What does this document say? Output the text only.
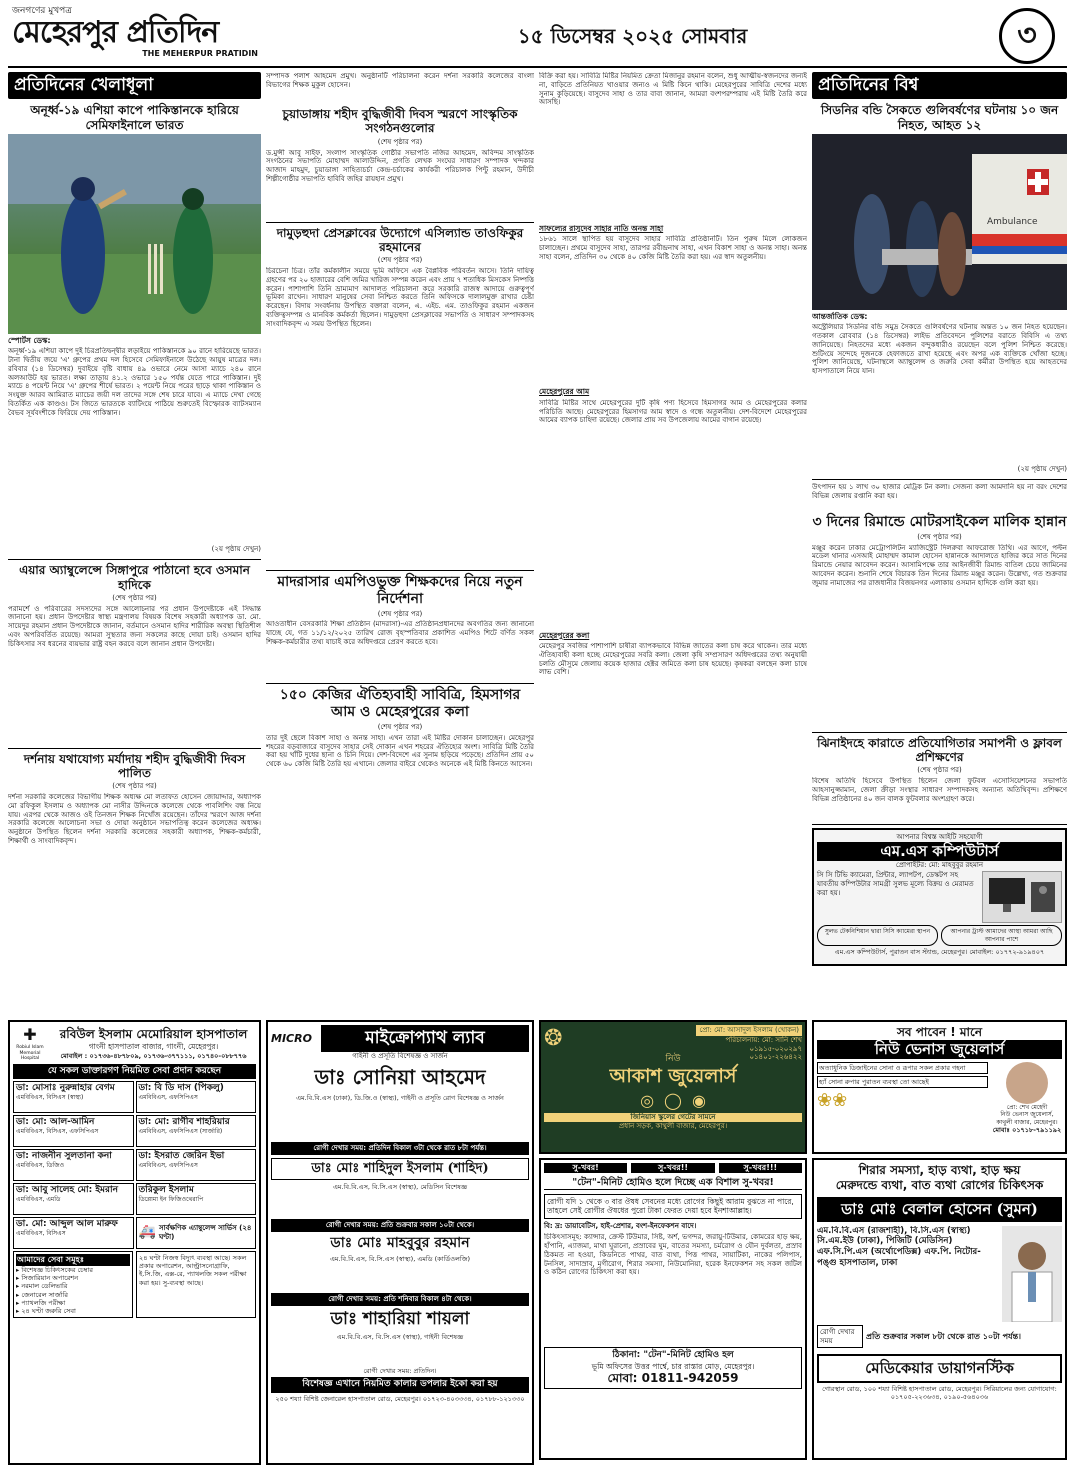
জনগণের মুখপত্র
মেহেরপুর প্রতিদিন
THE MEHERPUR PRATIDIN
১৫ ডিসেম্বর ২০২৫ সোমবার	৩
প্রতিদিনের খেলাধূলা
অনূর্ধ্ব-১৯ এশিয়া কাপে পাকিস্তানকে হারিয়ে সেমিফাইনালে ভারত
স্পোর্টস ডেস্ক:
অনূর্ধ্ব-১৯ এশিয়া কাপে দুই চিরপ্রতিদ্বন্দ্বীর লড়াইয়ে পাকিস্তানকে ৯০ রানে হারিয়েছে ভারত। টানা দ্বিতীয় জয়ে 'এ' গ্রুপের প্রথম দল হিসেবে সেমিফাইনালে উঠেছে আয়ুষ মাত্রের দল। রবিবার (১৪ ডিসেম্বর) দুবাইয়ে বৃষ্টি বাধায় ৪৯ ওভারে নেমে আসা ম্যাচে ২৪০ রানে অলআউট হয় ভারত। লক্ষ্য তাড়ায় ৪১.২ ওভারে ১৫০ পর্যন্ত যেতে পারে পাকিস্তান। দুই ম্যাচে ৪ পয়েন্ট নিয়ে 'এ' গ্রুপের শীর্ষে ভারত। ২ পয়েন্ট নিয়ে পরের ছাড়ে থাকা পাকিস্তান ও সংযুক্ত আরব আমিরাত ম্যাচের জয়ী দল তাদের সঙ্গে শেষ চারে যাবে। এ ম্যাচে দেখা গেছে বিতর্কিত এক কাণ্ডও। টস জিতে ভারতকে ব্যাটিংয়ে পাঠিয়ে শুরুতেই বিস্ফোরক ব্যাটসম্যান বৈভব সূর্যবংশীকে ফিরিয়ে দেয় পাকিস্তান।
(২য় পৃষ্ঠায় দেখুন)
এয়ার অ্যাম্বুলেন্সে সিঙ্গাপুরে পাঠানো হবে ওসমান হাদিকে
(শেষ পৃষ্ঠার পর)
পরামর্শে ও পরিবারের সদস্যদের সঙ্গে আলোচনার পর প্রধান উপদেষ্টাকে এই সিদ্ধান্ত জানানো হয়। প্রধান উপদেষ্টার স্বাস্থ্য মন্ত্রণালয় বিষয়ক বিশেষ সহকারী অধ্যাপক ডা. মো. সায়েদুর রহমান প্রধান উপদেষ্টাকে জানান, বর্তমানে ওসমান হাদির শারীরিক অবস্থা স্থিতিশীল এবং অপরিবর্তিত রয়েছে। আমরা সুস্থতার জন্য সকলের কাছে দোয়া চাই। ওসমান হাদির চিকিৎসার সব ধরনের ব্যয়ভার রাষ্ট্র বহন করবে বলে জানান প্রধান উপদেষ্টা।
দর্শনায় যথাযোগ্য মর্যাদায় শহীদ বুদ্ধিজীবী দিবস পালিত
(শেষ পৃষ্ঠার পর)
দর্শনা সরকারি কলেজের বিভাগীয় শিক্ষক অধ্যক্ষ মো লতাফত হোসেন জোয়াদ্দার, অধ্যাপক মো রফিকুল ইসলাম ও অধ্যাপক মো নাসীর উদ্দিনকে কলেজে থেকে পাবলিশিং বন্ধ নিয়ে যায়। এরপর থেকে আজও ওই তিনজন শিক্ষক নিখোঁজ রয়েছেন। তাঁদের স্মরণে আজ দর্শনা সরকারি কলেজে আলোচনা সভা ও দোয়া অনুষ্ঠানে সভাপতিত্ব করেন কলেজের অধ্যক্ষ। অনুষ্ঠানে উপস্থিত ছিলেন দর্শনা সরকারি কলেজের সহকারী অধ্যাপক, শিক্ষক-কর্মচারী, শিক্ষার্থী ও সাংবাদিকবৃন্দ।
সম্পাদক পলাশ আহমেদ প্রমুখ। অনুষ্ঠানটি পরিচালনা করেন দর্শনা সরকারি কলেজের বাংলা বিভাগের শিক্ষক মুকুল হোসেন।
চুয়াডাঙ্গায় শহীদ বুদ্ধিজীবী দিবস স্মরণে সাংস্কৃতিক সংগঠনগুলোর
(শেষ পৃষ্ঠার পর)
ড.মুন্সী আবু সাইফ, সংলাপ সাংস্কৃতিক গোষ্ঠীর সভাপতি নজির আহমেদ, অবিন্দম সাংস্কৃতিক সংগঠনের সভাপতি মোহাম্মদ আলাউদ্দিন, প্রগতি লেখক সংঘের সাধারণ সম্পাদক খন্দকার আজাদ মাহমুদ, চুয়াডাঙ্গা সাহিত্যচর্চা কেন্দ্র-চর্চাকের কার্যকরী পরিচালক পিন্টু রহমান, উদীচী শিল্পীগোষ্ঠীর সভাপতি হাবিবি জহির রায়হান প্রমুখ।
দামুড়হুদা প্রেসক্লাবের উদ্যোগে এসিল্যান্ড তাওফিকুর রহমানের
(শেষ পৃষ্ঠার পর)
চিরচেনা চিত্র। তাঁর কর্মকালীন সময়ে ভূমি অফিসে এক বৈপ্লবিক পরিবর্তন আসে। তিনি দায়িত্ব গ্রহণের পর ২০ হাজারের বেশি জমির খারিজ সম্পন্ন করেন এবং প্রায় ৭ শতাধিক মিসকেস নিষ্পত্তি করেন। পাশাপাশি তিনি ভ্রাম্যমাণ আদালত পরিচালনা করে সরকারি রাজস্ব আদায়ে গুরুত্বপূর্ণ ভূমিকা রাখেন। সাধারণ মানুষের সেবা নিশ্চিত করতে তিনি অফিসকে দালালমুক্ত রাখার চেষ্টা করেছেন। বিদায় সংবর্ধনায় উপস্থিত বক্তারা বলেন, এ. এইচ. এম. তাওফিকুর রহমান একজন ব্যক্তিত্বসম্পন্ন ও মানবিক কর্মকর্তা ছিলেন। দামুড়হুদা প্রেসক্লাবের সভাপতি ও সাধারণ সম্পাদকসহ সাংবাদিকবৃন্দ এ সময় উপস্থিত ছিলেন।
মাদরাসার এমপিওভুক্ত শিক্ষকদের নিয়ে নতুন নির্দেশনা
(শেষ পৃষ্ঠার পর)
আওতাধীন বেসরকারি শিক্ষা প্রতিষ্ঠান (মাদরাসা)-এর প্রতিষ্ঠানপ্রধানদের অবগতির জন্য জানানো যাচ্ছে যে, গত ১১/১২/২০২৫ তারিখ রোজ বৃহস্পতিবার প্রকাশিত এমপিও শিটে বর্ণিত সকল শিক্ষক-কর্মচারীর তথ্য যাচাই করে অধিদপ্তরে প্রেরণ করতে হবে।
১৫০ কেজির ঐতিহ্যবাহী সাবিত্রি, হিমসাগর আম ও মেহেরপুরের কলা
(শেষ পৃষ্ঠার পর)
তার দুই ছেলে বিকাশ সাহা ও অনন্ত সাহা। এখন তারা এই মিষ্টির দোকান চালাচ্ছেন। মেহেরপুর শহরের বড়বাজারে বাসুদেব সাহার সেই দোকান এখন শহরের ঐতিহ্যের অংশ। সাবিত্রি মিষ্টি তৈরি করা হয় খাঁটি দুধের ছানা ও চিনি দিয়ে। দেশ-বিদেশে এর সুনাম ছড়িয়ে পড়েছে। প্রতিদিন প্রায় ৫০ থেকে ৬০ কেজি মিষ্টি তৈরি হয় এখানে। জেলার বাইরে থেকেও অনেকে এই মিষ্টি কিনতে আসেন।
বিক্রি করা হয়। সাবিত্রি মিষ্টির নিয়মিত ক্রেতা মিজানুর রহমান বলেন, শুধু আত্মীয়-স্বজনদের জন্যই না, বাড়িতে প্রতিনিয়ত খাওয়ার জন্যও এ মিষ্টি কিনে থাকি। মেহেরপুরের সাবিত্রি দেশের মধ্যে সুনাম কুড়িয়েছে। বাসুদেব সাহা ও তার বাবা জানান, আমরা বংশপরম্পরায় এই মিষ্টি তৈরি করে আসছি।
সাফল্যের রাসুদেব সাহার নাতি অনন্ত সাহা
১৮৬১ সালে স্থাপিত হয় বাসুদেব সাহার সাবিত্রি প্রতিষ্ঠানটি। তিন পুরুষ মিলে লোকজন চালাচ্ছেন। প্রথমে বাসুদেব সাহা, তারপর রবীন্দ্রনাথ সাহা, এখন বিকাশ সাহা ও অনন্ত সাহা। অনন্ত সাহা বলেন, প্রতিদিন ৩০ থেকে ৪০ কেজি মিষ্টি তৈরি করা হয়। এর স্বাদ অতুলনীয়।
মেহেরপুরের আম
সাবিত্রি মিষ্টির সাথে মেহেরপুরের দুটি কৃষি পণ্য হিসেবে হিমসাগর আম ও মেহেরপুরের কলার পরিচিতি আছে। মেহেরপুরের হিমসাগর আম স্বাদে ও গন্ধে অতুলনীয়। দেশ-বিদেশে মেহেরপুরের আমের ব্যাপক চাহিদা রয়েছে। জেলার প্রায় সব উপজেলায় আমের বাগান রয়েছে।
মেহেরপুরের কলা
মেহেরপুর সবজির পাশাপাশি চাষীরা ব্যাপকভাবে বিভিন্ন জাতের কলা চাষ করে থাকেন। তার মধ্যে ঐতিহ্যবাহী কলা হচ্ছে মেহেরপুরের সবরি কলা। জেলা কৃষি সম্প্রসারণ অধিদপ্তরের তথ্য অনুযায়ী চলতি মৌসুমে জেলায় কয়েক হাজার হেক্টর জমিতে কলা চাষ হয়েছে। কৃষকরা বলছেন কলা চাষে লাভ বেশি।
প্রতিদিনের বিশ্ব
সিডনির বন্ডি সৈকতে গুলিবর্ষণের ঘটনায় ১০ জন নিহত, আহত ১২
Ambulance
আন্তর্জাতিক ডেস্ক:
অস্ট্রেলিয়ার সিডনির বন্ডি সমুদ্র সৈকতে গুলিবর্ষণের ঘটনায় অন্তত ১০ জন নিহত হয়েছেন। গতকাল রোববার (১৪ ডিসেম্বর) লাইভ প্রতিবেদনে পুলিশের বরাতে বিবিসি এ তথ্য জানিয়েছে। নিহতদের মধ্যে একজন বন্দুকধারীও রয়েছেন বলে পুলিশ নিশ্চিত করেছে। শুটিংয়ে সন্দেহে দুজনকে হেফাজতে রাখা হয়েছে এবং অপর এক ব্যক্তিকে খোঁজা হচ্ছে। পুলিশ জানিয়েছে, ঘটনাস্থলে অ্যাম্বুলেন্স ও জরুরি সেবা কর্মীরা উপস্থিত হয়ে আহতদের হাসপাতালে নিয়ে যান।
(২য় পৃষ্ঠায় দেখুন)
উৎপাদন হয় ১ লাখ ৩০ হাজার মেট্রিক টন কলা। সেজন্য কলা আমদানি হয় না বরং দেশের বিভিন্ন জেলায় রপ্তানি করা হয়।
৩ দিনের রিমান্ডে মোটরসাইকেল মালিক হান্নান
(শেষ পৃষ্ঠার পর)
মঞ্জুর করেন ঢাকার মেট্রোপলিটন ম্যাজিস্ট্রেট দিলরুবা আফরোজ তিথি। এর আগে, পল্টন মডেল থানার এসআই মোহাম্মদ কামাল হোসেন হান্নানকে আদালতে হাজির করে সাত দিনের রিমান্ডে নেয়ার আবেদন করেন। আসামিপক্ষে তার আইনজীবী রিমান্ড বাতিল চেয়ে জামিনের আবেদন করেন। শুনানি শেষে বিচারক তিন দিনের রিমান্ড মঞ্জুর করেন। উল্লেখ্য, গত শুক্রবার জুমার নামাজের পর রাজধানীর বিজয়নগর এলাকায় ওসমান হাদিকে গুলি করা হয়।
ঝিনাইদহে কারাতে প্রতিযোগিতার সমাপনী ও ফ্লাবল প্রশিক্ষণের
(শেষ পৃষ্ঠার পর)
বিশেষ অতিথি হিসেবে উপস্থিত ছিলেন জেলা ফুটবল এসোসিয়েশনের সভাপতি আহসানুজ্জামান, জেলা ক্রীড়া সংস্থার সাধারণ সম্পাদকসহ অন্যান্য অতিথিবৃন্দ। প্রশিক্ষণে বিভিন্ন প্রতিষ্ঠানের ৪০ জন বালক ফুটবলার অংশগ্রহণ করে।
আপনার বিশ্বস্ত আইটি সহযোগী
এম.এস কম্পিউটার্স
প্রোপাইটর: মো: মাহবুবুর রহমান
সি সি টিভি ক্যামেরা, প্রিন্টার, ল্যাপটপ, ডেস্কটপ সহ যাবতীয় কম্পিউটার সামগ্রী সুলভ মূল্যে বিক্রয় ও মেরামত করা হয়।
সুলভ টেকনিশিয়ান দ্বারা সিসি ক্যামেরা স্থাপন	আপনার ট্রাস্ট আমাদের আস্থা আমরা আছি আপনার পাশে
এম.এস কম্পিউটার্স, পুরাতন বাস স্ট্যান্ড, মেহেরপুর। মোবাইল: ০১৭৭২-৯১৯৪০৭
✚
Robiul Islam Memorial Hospital
রবিউল ইসলাম মেমোরিয়াল হাসপাতাল
গাংনী হাসপাতাল বাজার, গাংনী, মেহেরপুর।
মোবাইল : ০১৭৩৬-৪৮৭৮০৯, ০১৭৩৬-৩৭৭১১১, ০১৭৪০-০৮৮৭৭৬
যে সকল ডাক্তারগণ নিয়মিত সেবা প্রদান করছেন
ডা: মোসাঃ নুরুন্নাহার বেগম
এমবিবিএস, বিসিএস (স্বাস্থ্য)
ডা: বি ডি দাস (পিকলু)
এমবিবিএস, এফসিপিএস
ডা: মো: আল-আমিন
এমবিবিএস, বিসিএস, এফসিপিএস
ডা: মো: রাগীব শাহরিয়ার
এমবিবিএস, এফসিপিএস (সার্জারি)
ডা: নাজনীন সুলতানা কনা
এমবিবিএস, ডিজিও
ডা: ইসরাত জেরিন ইভা
এমবিবিএস, এফসিপিএস
ডা: আবু সালেহ মো: ইমরান
এমবিবিএস, এমডি
তরিকুল ইসলাম
ডিপ্লোমা ইন ফিজিওথেরাপি
ডা. মো: আব্দুল আল মারুফ
এমবিবিএস, বিসিএস	🚑 সার্বক্ষণিক এ্যাম্বুলেন্স সার্ভিস (২৪ ঘণ্টা)
আমাদের সেবা সমূহঃ
▸ বিশেষজ্ঞ চিকিৎসকের চেম্বার
▸ সিজারিয়ান অপারেশন
▸ নরমাল ডেলিভারি
▸ জেনারেল সার্জারি
▸ প্যাথলজি পরীক্ষা
▸ ২৪ ঘণ্টা জরুরি সেবা
২৪ ঘণ্টা নিজস্ব বিদ্যুৎ ব্যবস্থা আছে। সকল প্রকার অপারেশন, আল্ট্রাসনোগ্রাফি, ই.সি.জি, এক্স-রে, প্যাথলজি সকল পরীক্ষা করা হয়। সু-ব্যবস্থা আছে।
MICRO	মাইক্রোপ্যাথ ল্যাব
গাইনী ও প্রসূতি বিশেষজ্ঞ ও সার্জন
ডাঃ সোনিয়া আহমেদ
এম.বি.বি.এস (ঢাকা), ডি.জি.ও (স্বাস্থ্য), গাইনী ও প্রসূতি রোগ বিশেষজ্ঞ ও সার্জন
রোগী দেখার সময়: প্রতিদিন বিকাল ৩টা থেকে রাত ৮টা পর্যন্ত।
ডাঃ মোঃ শাহিদুল ইসলাম (শাহিদ)
এম.বি.বি.এস, বি.সি.এস (স্বাস্থ্য), মেডিসিন বিশেষজ্ঞ
রোগী দেখার সময়: প্রতি শুক্রবার সকাল ১০টা থেকে।
ডাঃ মোঃ মাহবুবুর রহমান
এম.বি.বি.এস, বি.সি.এস (স্বাস্থ্য), এমডি (কার্ডিওলজি)
রোগী দেখার সময়: প্রতি শনিবার বিকাল ৪টা থেকে।
ডাঃ শাহারিয়া শায়লা
এম.বি.বি.এস, বি.সি.এস (স্বাস্থ্য), গাইনী বিশেষজ্ঞ
রোগী দেখার সময়: প্রতিদিন।
বিশেষজ্ঞ এখানে নিয়মিত কালার ডপলার ইকো করা হয়
২৫০ শয্যা বিশিষ্ট জেনারেল হাসপাতাল রোড, মেহেরপুর। ০১৭২৩-৪০৩৩৩৪, ০১৭৮৮-১২১৩৩০
❂	প্রো: মো: আসাদুল ইসলাম (খোকন)
পরিচালনায়: মো: সানি শেখ
০১৯১৫-০২০২৯৭
০১৪০১-২২৬৪২২
নিউ
আকাশ জুয়েলার্স
◎ ◯ ◉
জিনিয়াস স্কুলের গেটের সামনে
প্রধান সড়ক, কাথুলী বাজার, মেহেরপুর।
সু-খবর!	সু-খবর!!	সু-খবর!!!
"টেন"-মিনিট হোমিও হলে দিচ্ছে এক বিশাল সু-খবর!
রোগী যদি ১ থেকে ৩ বার ঔষধ সেবনের মধ্যে রোগের কিছুই আরাম বুঝতে না পারে, তাহলে সেই রোগীর ঔষধের পুরো টাকা ফেরত দেয়া হবে ইনশাআল্লাহ।
বি: দ্র: ডায়াবেটিস, হাই-প্রেশার, বংশ-ইনফেকশন বাদে।
চিকিৎসাসমূহ: ক্যান্সার, ক্রেস্ট টিউমার, সিষ্ট, অর্শ, ভগন্দর, জরায়ু-টিউমার, কোমরের হাড় ক্ষয়, হাঁপানি, এ্যাজমা, মাথা ঘুরানো, প্রস্রাবের ঘুম, বাতের সমস্যা, চর্মরোগ ও যৌন দুর্বলতা, প্রস্রাব ঠিকমত না হওয়া, কিডনিতে পাথর, বাত ব্যথা, পিত্ত পাথর, সায়াটিকা, নাকের পলিপাস, টনসিল, সাদাস্রাব, মৃগীরোগ, শিরার সমস্যা, নিউমোনিয়া, হরেক ইনফেকশন সহ সকল জটিল ও কঠিন রোগের চিকিৎসা করা হয়।
ঠিকানা: "টেন"-মিনিট হোমিও হল
ভূমি অফিসের উত্তর পার্শ্বে, চার রাস্তার মোড়, মেহেরপুর।
মোবা: 01811-942059
সব পাবেন ! মানে
নিউ ভেনাস জুয়েলার্স
অত্যাধুনিক ডিজাইনের সোনা ও রূপার সকল প্রকার গহনা
হ্যাঁ সোনা রুপার পুরাতন ব্যবস্থা তো আছেই
❀❀	প্রো: শেখ মেহেদী
নিউ ভেনাস জুয়েলার্স, কাথুলী বাজার, মেহেরপুর।
মোবাঃ ০১৭১৮-৭৯১১৯২
শিরার সমস্যা, হাড় ব্যথা, হাড় ক্ষয়
মেরুদন্ডে ব্যথা, বাত ব্যথা রোগের চিকিৎসক
ডাঃ মোঃ বেলাল হোসেন (সুমন)
এম.বি.বি.এস (রাজশাহী), বি.সি.এস (স্বাস্থ্য) সি.এম.ইউ (ঢাকা), পিজিটি (মেডিসিন) এফ.সি.পি.এস (অর্থোপেডিক্স) এফ.পি. নিটোর- পঙ্গু হাসপাতাল, ঢাকা
রোগী দেখার সময়	প্রতি শুক্রবার সকাল ৮টা থেকে রাত ১০টা পর্যন্ত।
মেডিকেয়ার ডায়াগনস্টিক
গোরস্থান রোড, ১০০ শয্যা বিশিষ্ট হাসপাতাল রোড, মেহেরপুর। সিরিয়ালের জন্য যোগাযোগ: ০১৭০৫-২২৩৬৩৪, ০১৯০-৫৬৪০৩৬
